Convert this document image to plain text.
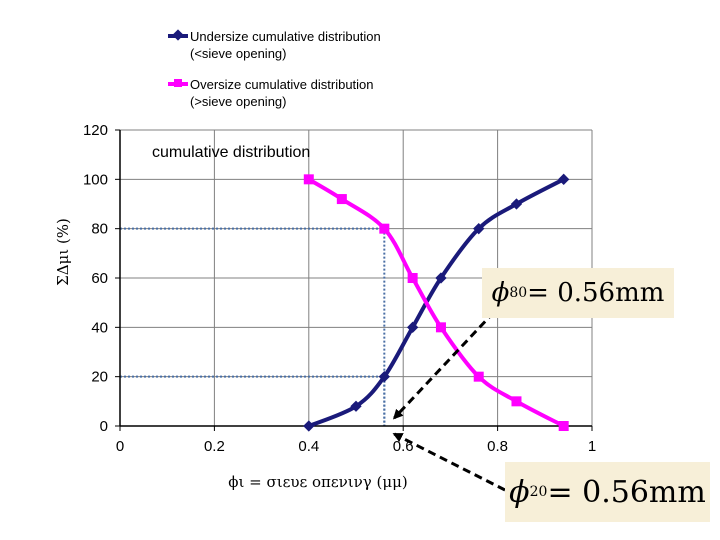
0	0.2	0.4	0.6	0.8	1
0
20
40
60
80
100
120
cumulative distribution
ϕι = σιευε οπενινγ (μμ)
ΣΔμι (%)
Undersize cumulative distribution
(<sieve opening)
Oversize cumulative distribution
(>sieve opening)
ϕ 80 = 0.56mm
ϕ 20 = 0.56mm
